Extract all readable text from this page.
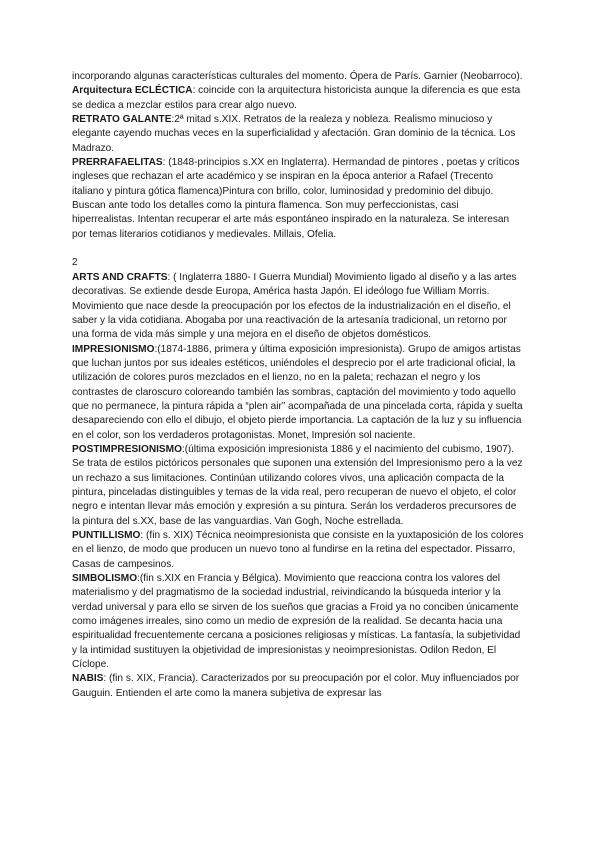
incorporando algunas características culturales del momento. Ópera de París. Garnier (Neobarroco).

Arquitectura ECLÉCTICA: coincide con la arquitectura historicista aunque la diferencia es que esta se dedica a mezclar estilos para crear algo nuevo.

RETRATO GALANTE:2ª mitad s.XIX. Retratos de la realeza y nobleza. Realismo minucioso y elegante cayendo muchas veces en la superficialidad y afectación. Gran dominio de la técnica. Los Madrazo.

PRERRAFAELITAS: (1848-principios s.XX en Inglaterra). Hermandad de pintores , poetas y críticos ingleses que rechazan el arte académico y se inspiran en la época anterior a Rafael (Trecento italiano y pintura gótica flamenca)Pintura con brillo, color, luminosidad y predominio del dibujo. Buscan ante todo los detalles como la pintura flamenca. Son muy perfeccionistas, casi hiperrealistas. Intentan recuperar el arte más espontáneo inspirado en la naturaleza. Se interesan por temas literarios cotidianos y medievales. Millais, Ofelia.

2

ARTS AND CRAFTS: ( Inglaterra 1880- I Guerra Mundial) Movimiento ligado al diseño y a las artes decorativas. Se extiende desde Europa, América hasta Japón. El ideólogo fue William Morris. Movimiento que nace desde la preocupación por los efectos de la industrialización en el diseño, el saber y la vida cotidiana. Abogaba por una reactivación de la artesanía tradicional, un retorno por una forma de vida más simple y una mejora en el diseño de objetos domésticos.

IMPRESIONISMO:(1874-1886, primera y última exposición impresionista). Grupo de amigos artistas que luchan juntos por sus ideales estéticos, uniéndoles el desprecio por el arte tradicional oficial, la utilización de colores puros mezclados en el lienzo, no en la paleta; rechazan el negro y los contrastes de claroscuro coloreando también las sombras, captación del movimiento y todo aquello que no permanece, la pintura rápida a “plen air” acompañada de una pincelada corta, rápida y suelta desapareciendo con ello el dibujo, el objeto pierde importancia. La captación de la luz y su influencia en el color, son los verdaderos protagonistas. Monet, Impresión sol naciente.

POSTIMPRESIONISMO:(última exposición impresionista 1886 y el nacimiento del cubismo, 1907). Se trata de estilos pictóricos personales que suponen una extensión del Impresionismo pero a la vez un rechazo a sus limitaciones. Continúan utilizando colores vivos, una aplicación compacta de la pintura, pinceladas distinguibles y temas de la vida real, pero recuperan de nuevo el objeto, el color negro e intentan llevar más emoción y expresión a su pintura. Serán los verdaderos precursores de la pintura del s.XX, base de las vanguardias. Van Gogh, Noche estrellada.

PUNTILLISMO: (fin s. XIX) Técnica neoimpresionista que consiste en la yuxtaposición de los colores en el lienzo, de modo que producen un nuevo tono al fundirse en la retina del espectador. Pissarro, Casas de campesinos.

SIMBOLISMO:(fin s.XIX en Francia y Bélgica). Movimiento que reacciona contra los valores del materialismo y del pragmatismo de la sociedad industrial, reivindicando la búsqueda interior y la verdad universal y para ello se sirven de los sueños que gracias a Froid ya no conciben únicamente como imágenes irreales, sino como un medio de expresión de la realidad. Se decanta hacia una espiritualidad frecuentemente cercana a posiciones religiosas y místicas. La fantasía, la subjetividad y la intimidad sustituyen la objetividad de impresionistas y neoimpresionistas. Odilon Redon, El Cíclope.

NABIS: (fin s. XIX, Francia). Caracterizados por su preocupación por el color. Muy influenciados por Gauguin. Entienden el arte como la manera subjetiva de expresar las
